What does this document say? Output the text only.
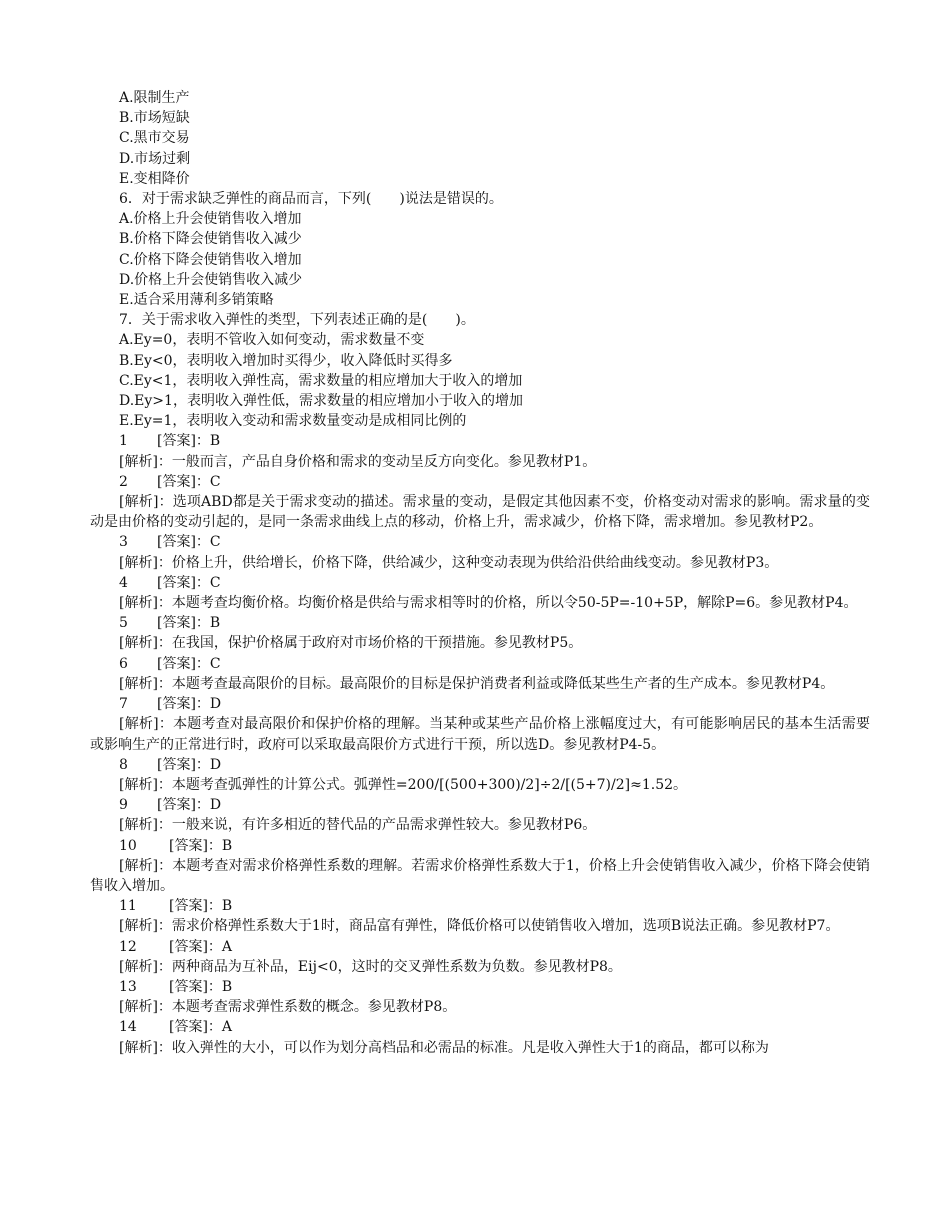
A.限制生产
B.市场短缺
C.黑市交易
D.市场过剩
E.变相降价
6．对于需求缺乏弹性的商品而言，下列(　　)说法是错误的。
A.价格上升会使销售收入增加
B.价格下降会使销售收入减少
C.价格下降会使销售收入增加
D.价格上升会使销售收入减少
E.适合采用薄利多销策略
7．关于需求收入弹性的类型，下列表述正确的是(　　)。
A.Ey=0，表明不管收入如何变动，需求数量不变
B.Ey<0，表明收入增加时买得少，收入降低时买得多
C.Ey<1，表明收入弹性高，需求数量的相应增加大于收入的增加
D.Ey>1，表明收入弹性低，需求数量的相应增加小于收入的增加
E.Ey=1，表明收入变动和需求数量变动是成相同比例的
1 [答案]：B
[解析]：一般而言，产品自身价格和需求的变动呈反方向变化。参见教材P1。
2 [答案]：C
[解析]：选项ABD都是关于需求变动的描述。需求量的变动，是假定其他因素不变，价格变动对需求的影响。需求量的变动是由价格的变动引起的，是同一条需求曲线上点的移动，价格上升，需求减少，价格下降，需求增加。参见教材P2。
3 [答案]：C
[解析]：价格上升，供给增长，价格下降，供给减少，这种变动表现为供给沿供给曲线变动。参见教材P3。
4 [答案]：C
[解析]：本题考查均衡价格。均衡价格是供给与需求相等时的价格，所以令50-5P=-10+5P，解除P=6。参见教材P4。
5 [答案]：B
[解析]：在我国，保护价格属于政府对市场价格的干预措施。参见教材P5。
6 [答案]：C
[解析]：本题考查最高限价的目标。最高限价的目标是保护消费者利益或降低某些生产者的生产成本。参见教材P4。
7 [答案]：D
[解析]：本题考查对最高限价和保护价格的理解。当某种或某些产品价格上涨幅度过大，有可能影响居民的基本生活需要或影响生产的正常进行时，政府可以采取最高限价方式进行干预，所以选D。参见教材P4-5。
8 [答案]：D
[解析]：本题考查弧弹性的计算公式。弧弹性=200/[(500+300)/2]÷2/[(5+7)/2]≈1.52。
9 [答案]：D
[解析]：一般来说，有许多相近的替代品的产品需求弹性较大。参见教材P6。
10 [答案]：B
[解析]：本题考查对需求价格弹性系数的理解。若需求价格弹性系数大于1，价格上升会使销售收入减少，价格下降会使销售收入增加。
11 [答案]：B
[解析]：需求价格弹性系数大于1时，商品富有弹性，降低价格可以使销售收入增加，选项B说法正确。参见教材P7。
12 [答案]：A
[解析]：两种商品为互补品，Eij<0，这时的交叉弹性系数为负数。参见教材P8。
13 [答案]：B
[解析]：本题考查需求弹性系数的概念。参见教材P8。
14 [答案]：A
[解析]：收入弹性的大小，可以作为划分高档品和必需品的标准。凡是收入弹性大于1的商品，都可以称为
